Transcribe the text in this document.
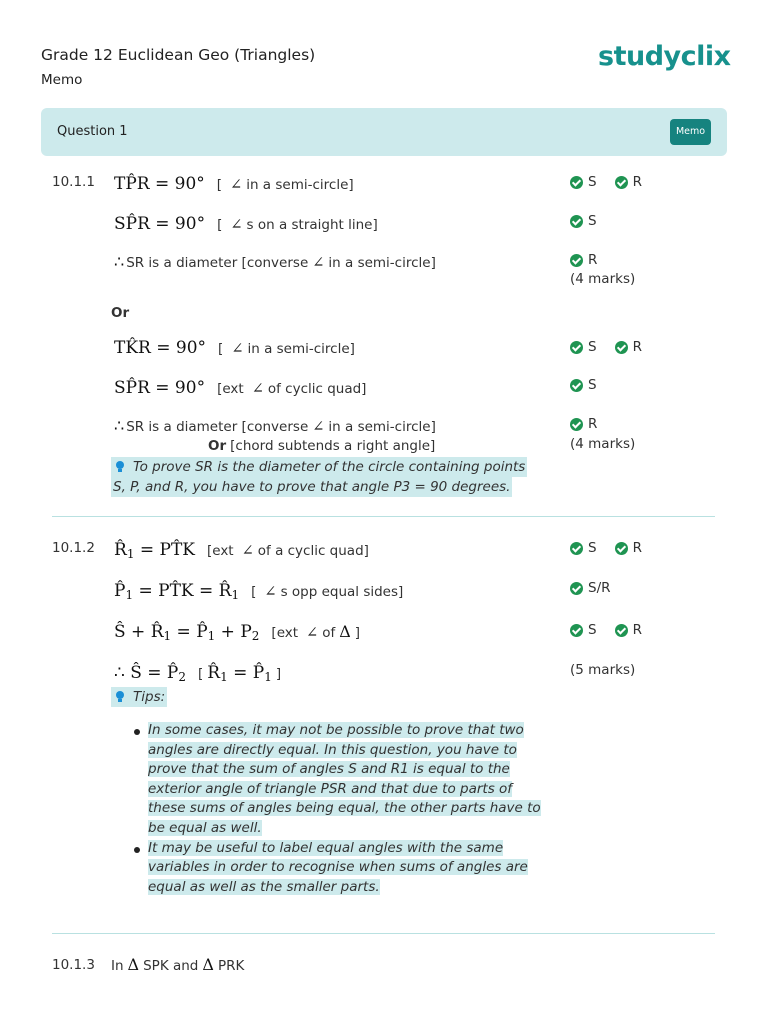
Grade 12 Euclidean Geo (Triangles)
Memo
studyclix
Question 1	Memo
10.1.1 TP̂R = 90° [ ∠ in a semi-circle]	S	R
SP̂R = 90° [ ∠ s on a straight line]	S
∴ SR is a diameter [converse ∠ in a semi-circle]	R
(4 marks)
Or
TK̂R = 90° [ ∠ in a semi-circle]	S	R
SP̂R = 90° [ext ∠ of cyclic quad]	S
∴ SR is a diameter [converse ∠ in a semi-circle]	R
(4 marks)
Or [chord subtends a right angle]
To prove SR is the diameter of the circle containing points
S, P, and R, you have to prove that angle P3 = 90 degrees.
10.1.2 R̂1 = PT̂K [ext ∠ of a cyclic quad]	S	R
P̂1 = PT̂K = R̂1 [ ∠ s opp equal sides]	S/R
Ŝ + R̂1 = P̂1 + P2 [ext ∠ of Δ ]	S	R
∴ Ŝ = P̂2 [ R̂1 = P̂1 ]	(5 marks)
Tips:
In some cases, it may not be possible to prove that two
angles are directly equal. In this question, you have to
prove that the sum of angles S and R1 is equal to the
exterior angle of triangle PSR and that due to parts of
these sums of angles being equal, the other parts have to
be equal as well.
It may be useful to label equal angles with the same
variables in order to recognise when sums of angles are
equal as well as the smaller parts.
10.1.3 In Δ SPK and Δ PRK
